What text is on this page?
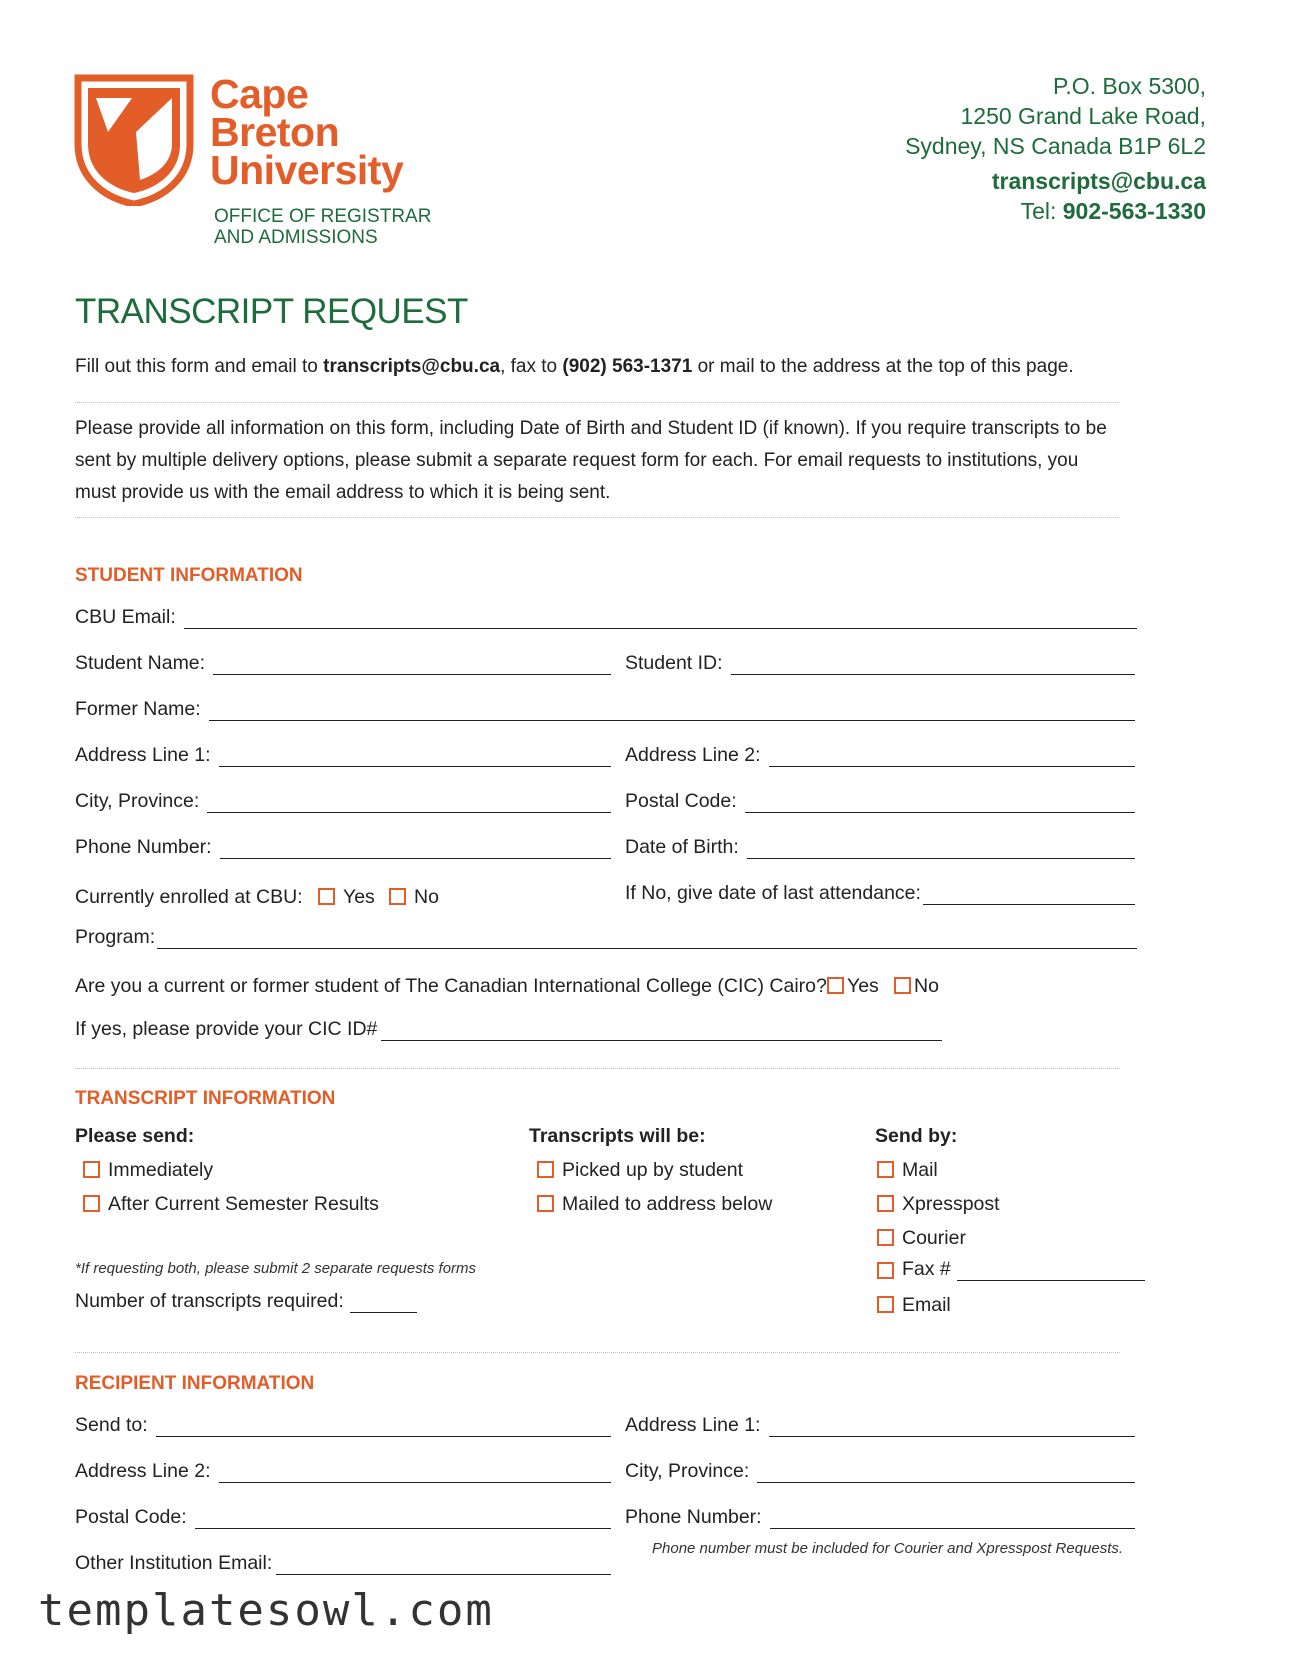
Cape
Breton
University
OFFICE OF REGISTRAR
AND ADMISSIONS
P.O. Box 5300,
1250 Grand Lake Road,
Sydney, NS Canada B1P 6L2
transcripts@cbu.ca
Tel: 902-563-1330
TRANSCRIPT REQUEST
Fill out this form and email to transcripts@cbu.ca, fax to (902) 563-1371 or mail to the address at the top of this page.
Please provide all information on this form, including Date of Birth and Student ID (if known). If you require transcripts to be sent by multiple delivery options, please submit a separate request form for each. For email requests to institutions, you must provide us with the email address to which it is being sent.
STUDENT INFORMATION
CBU Email:
Student Name:	Student ID:
Former Name:
Address Line 1:	Address Line 2:
City, Province:	Postal Code:
Phone Number:	Date of Birth:
Currently enrolled at CBU:	Yes	No	If No, give date of last attendance:
Program:
Are you a current or former student of The Canadian International College (CIC) Cairo?	Yes	No
If yes, please provide your CIC ID#
TRANSCRIPT INFORMATION
Please send:
Immediately
After Current Semester Results
Transcripts will be:
Picked up by student
Mailed to address below
Send by:
Mail
Xpresspost
Courier
Fax #
Email
*If requesting both, please submit 2 separate requests forms
Number of transcripts required:
RECIPIENT INFORMATION
Send to:	Address Line 1:
Address Line 2:	City, Province:
Postal Code:	Phone Number:
Phone number must be included for Courier and Xpresspost Requests.
Other Institution Email:
templatesowl.com
